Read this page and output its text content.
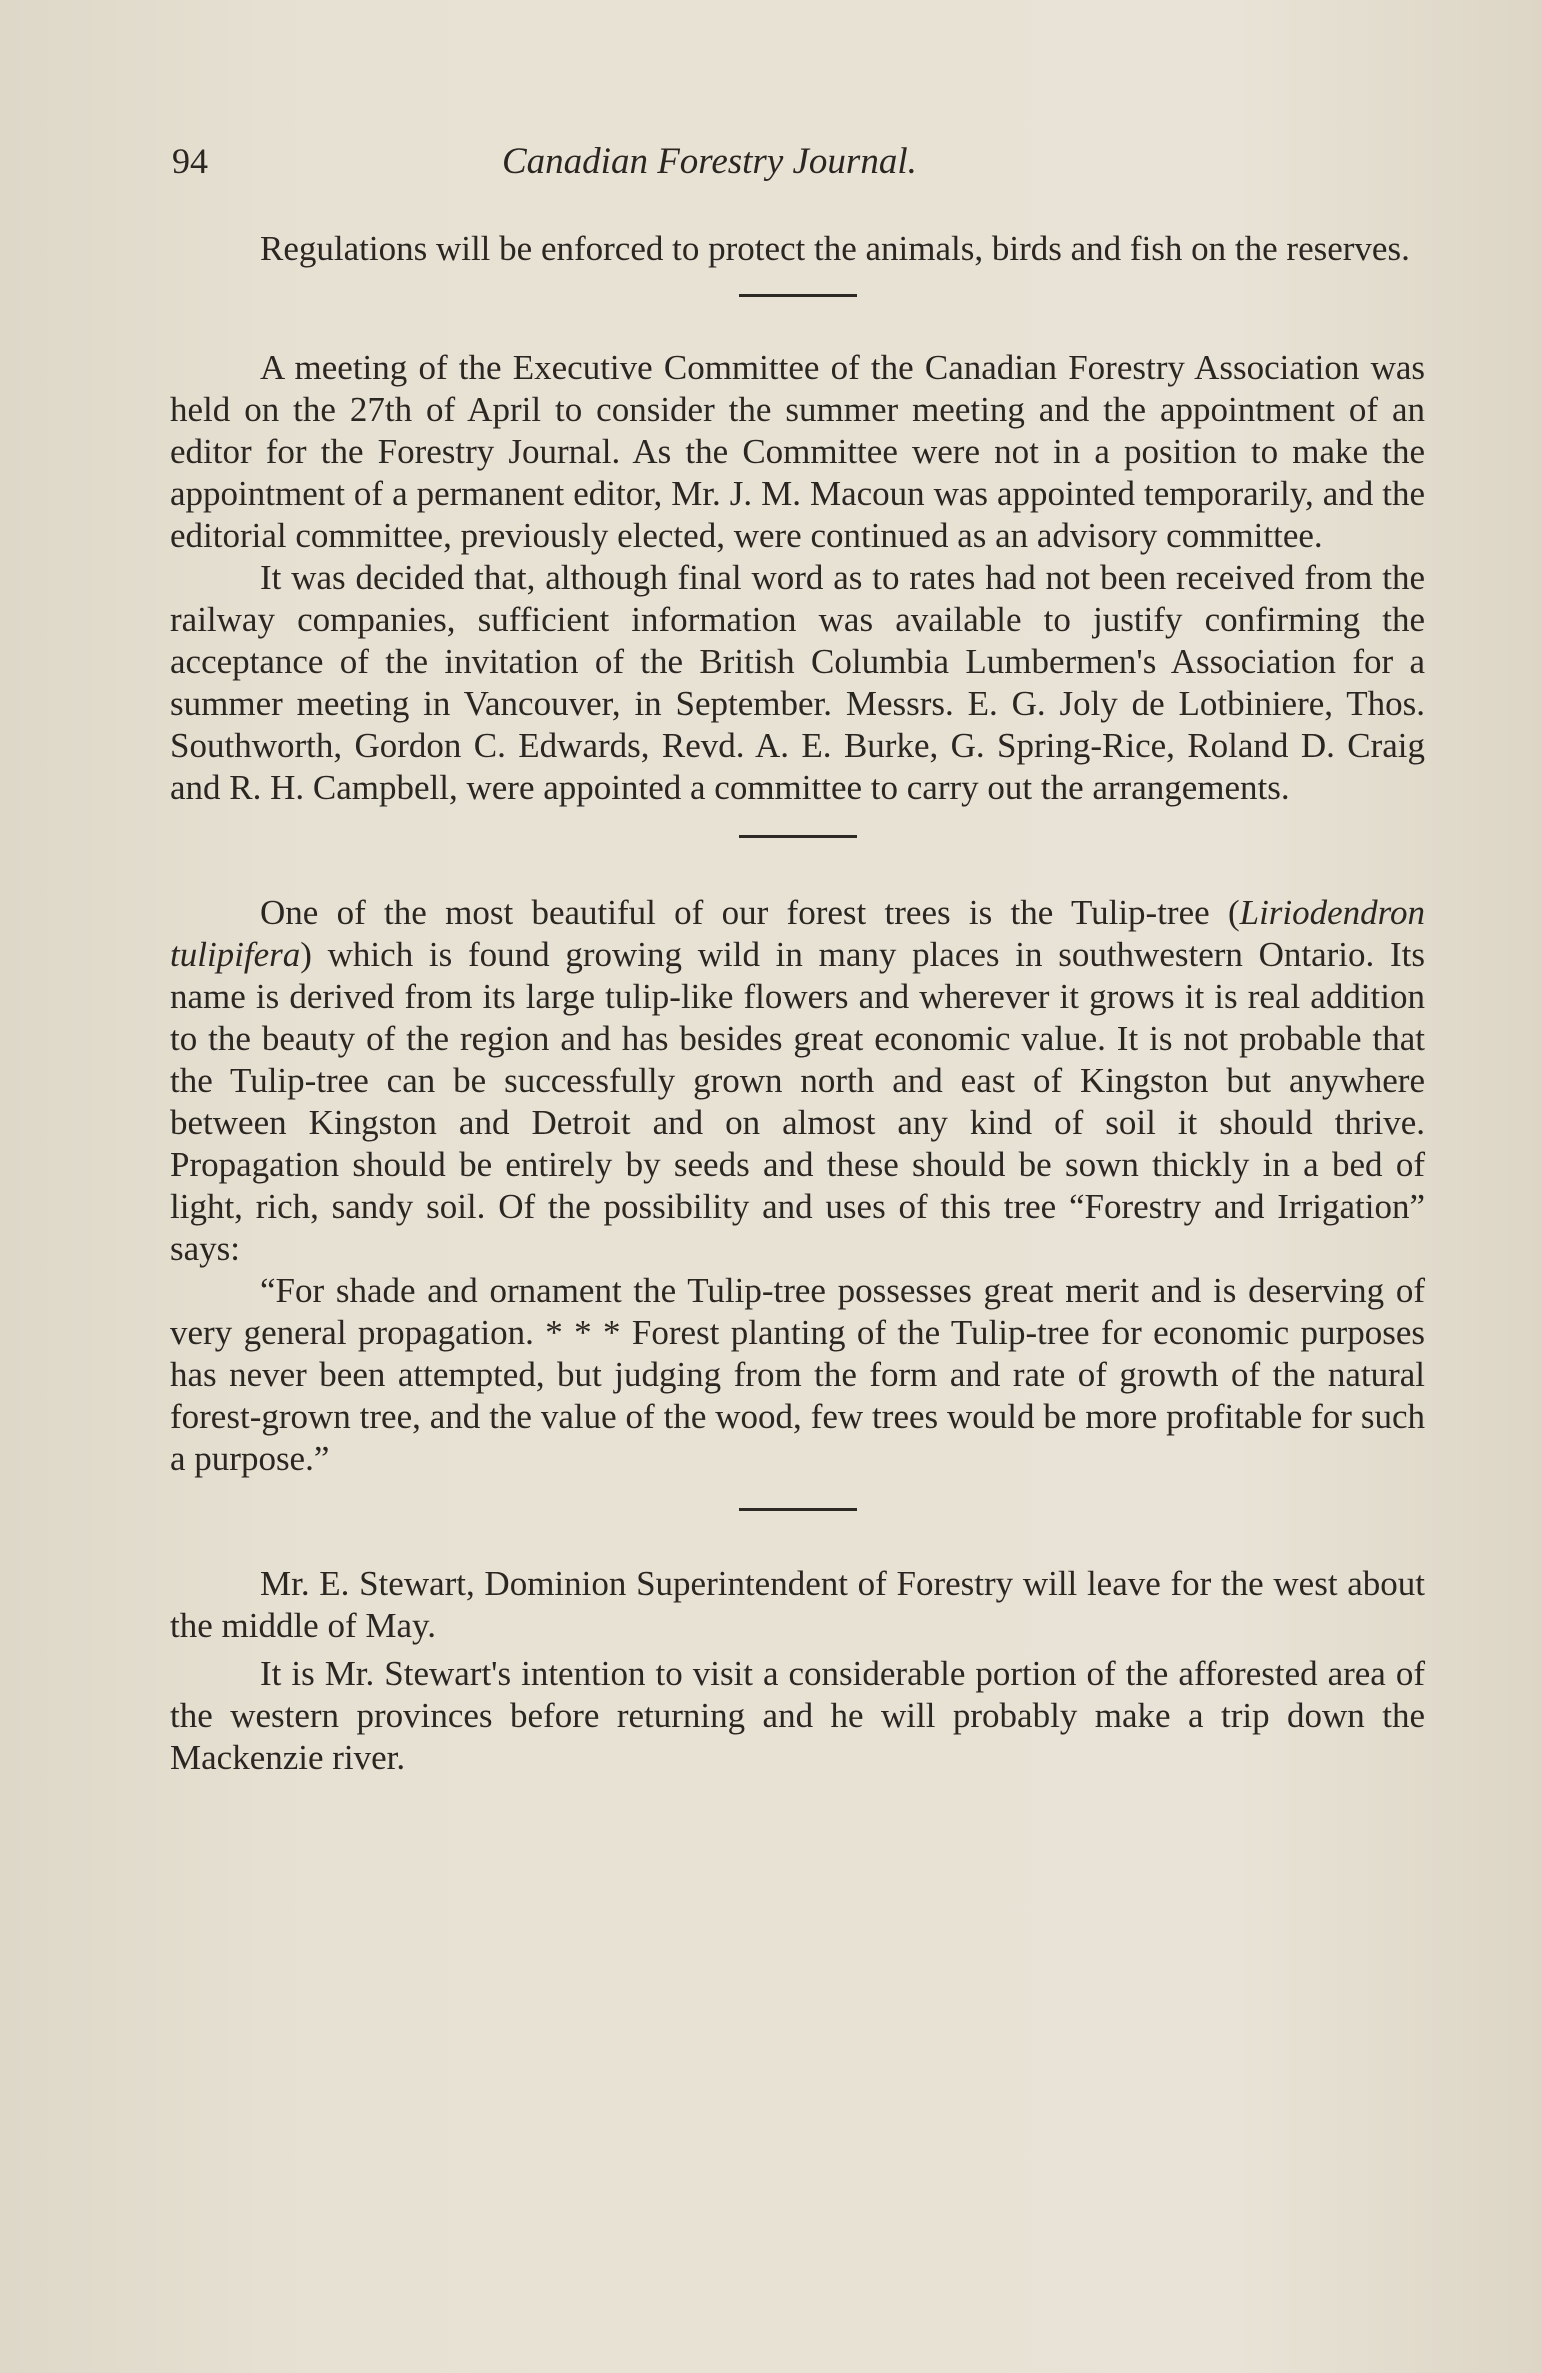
94	Canadian Forestry Journal.

Regulations will be enforced to protect the animals, birds and fish on the reserves.

A meeting of the Executive Committee of the Canadian Forestry Association was held on the 27th of April to consider the summer meeting and the appointment of an editor for the Forestry Journal. As the Committee were not in a position to make the appointment of a permanent editor, Mr. J. M. Macoun was appointed temporarily, and the editorial committee, previously elected, were continued as an advisory committee.

It was decided that, although final word as to rates had not been received from the railway companies, sufficient information was available to justify confirming the acceptance of the invitation of the British Columbia Lumbermen's Association for a summer meeting in Vancouver, in September. Messrs. E. G. Joly de Lotbiniere, Thos. Southworth, Gordon C. Edwards, Revd. A. E. Burke, G. Spring-Rice, Roland D. Craig and R. H. Campbell, were appointed a committee to carry out the arrangements.

One of the most beautiful of our forest trees is the Tulip-tree (Liriodendron tulipifera) which is found growing wild in many places in southwestern Ontario. Its name is derived from its large tulip-like flowers and wherever it grows it is real addition to the beauty of the region and has besides great economic value. It is not probable that the Tulip-tree can be successfully grown north and east of Kingston but anywhere between Kingston and Detroit and on almost any kind of soil it should thrive. Propagation should be entirely by seeds and these should be sown thickly in a bed of light, rich, sandy soil. Of the possibility and uses of this tree “Forestry and Irrigation” says:

“For shade and ornament the Tulip-tree possesses great merit and is deserving of very general propagation. * * * Forest planting of the Tulip-tree for economic purposes has never been attempted, but judging from the form and rate of growth of the natural forest-grown tree, and the value of the wood, few trees would be more profitable for such a purpose.”

Mr. E. Stewart, Dominion Superintendent of Forestry will leave for the west about the middle of May.

It is Mr. Stewart's intention to visit a considerable portion of the afforested area of the western provinces before returning and he will probably make a trip down the Mackenzie river.
